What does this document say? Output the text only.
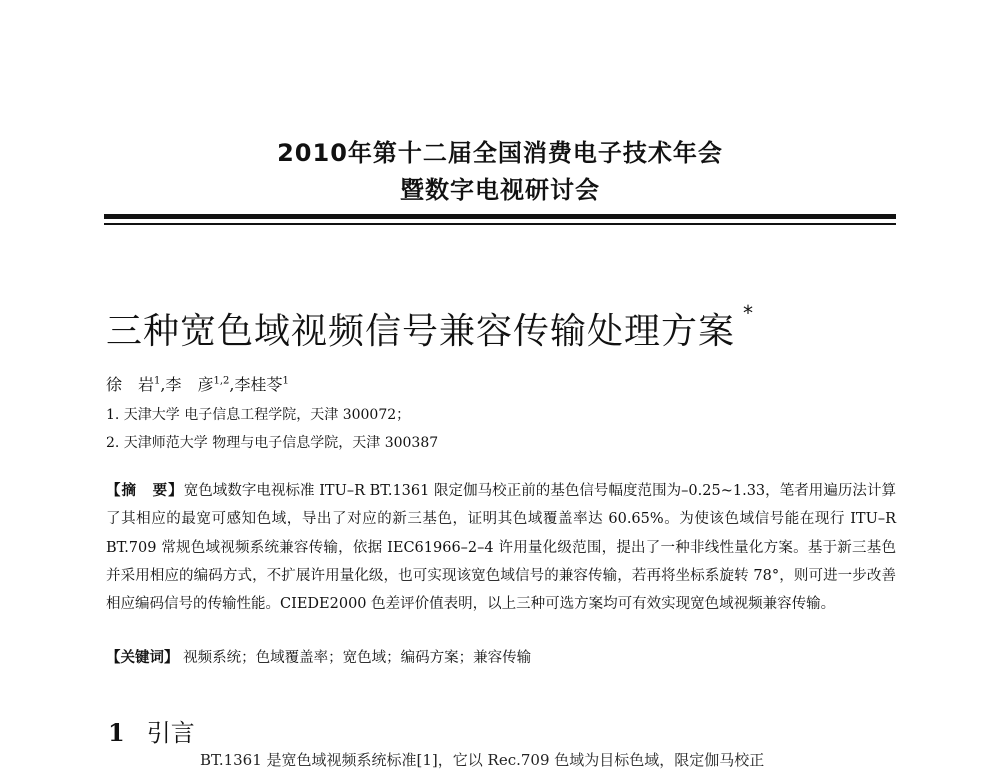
2010年第十二届全国消费电子技术年会
暨数字电视研讨会
三种宽色域视频信号兼容传输处理方案 *
徐　岩$^1$,李　彦$^{1,2}$,李桂苓$^1$
1. 天津大学 电子信息工程学院，天津 300072；
2. 天津师范大学 物理与电子信息学院，天津 300387
【摘　要】宽色域数字电视标准 ITU–R BT.1361 限定伽马校正前的基色信号幅度范围为–0.25~1.33，笔者用遍历法计算了其相应的最宽可感知色域，导出了对应的新三基色，证明其色域覆盖率达 60.65%。为使该色域信号能在现行 ITU–R BT.709 常规色域视频系统兼容传输，依据 IEC61966–2–4 许用量化级范围，提出了一种非线性量化方案。基于新三基色并采用相应的编码方式，不扩展许用量化级，也可实现该宽色域信号的兼容传输，若再将坐标系旋转 78°，则可进一步改善相应编码信号的传输性能。CIEDE2000 色差评价值表明，以上三种可选方案均可有效实现宽色域视频兼容传输。
【关键词】 视频系统；色域覆盖率；宽色域；编码方案；兼容传输
1 引言
BT.1361 是宽色域视频系统标准[1]，它以 Rec.709 色域为目标色域，限定伽马校正
